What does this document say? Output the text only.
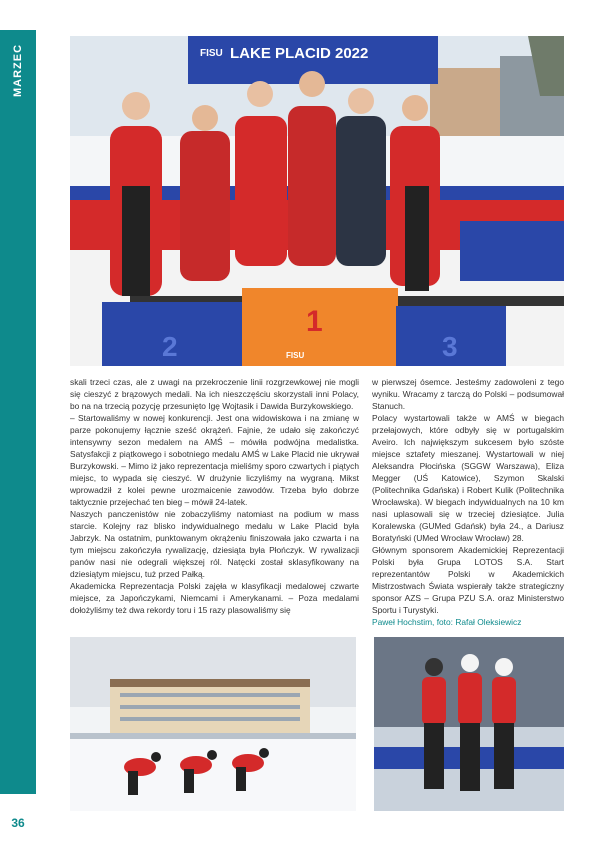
MARZEC
36
FISU LAKE PLACID 2022
2
1
3
FISU

skali trzeci czas, ale z uwagi na przekroczenie linii rozgrzewkowej nie mogli się cieszyć z brązowych medali. Na ich nieszczęściu skorzystali inni Polacy, bo na na trzecią pozycję przesunięto Igę Wojtasik i Dawida Burzykowskiego.

– Startowaliśmy w nowej konkurencji. Jest ona widowiskowa i na zmianę w parze pokonujemy łącznie sześć okrążeń. Fajnie, że udało się zakończyć intensywny sezon medalem na AMŚ – mówiła podwójna medalistka. Satysfakcji z piątkowego i sobotniego medalu AMŚ w Lake Placid nie ukrywał Burzykowski. – Mimo iż jako reprezentacja mieliśmy sporo czwartych i piątych miejsc, to wypada się cieszyć. W drużynie liczyliśmy na wygraną. Mikst wprowadził z kolei pewne urozmaicenie zawodów. Trzeba było dobrze taktycznie przejechać ten bieg – mówił 24-latek.

Naszych panczenistów nie zobaczyliśmy natomiast na podium w mass starcie. Kolejny raz blisko indywidualnego medalu w Lake Placid była Jabrzyk. Na ostatnim, punktowanym okrążeniu finiszowała jako czwarta i na tym miejscu zakończyła rywalizację, dziesiąta była Płończyk. W rywalizacji panów nasi nie odegrali większej ról. Natęcki został sklasyfikowany na dziesiątym miejscu, tuż przed Pałką.

Akademicka Reprezentacja Polski zajęła w klasyfikacji medalowej czwarte miejsce, za Japończykami, Niemcami i Amerykanami. – Poza medalami dołożyliśmy też dwa rekordy toru i 15 razy plasowaliśmy się

w pierwszej ósemce. Jesteśmy zadowoleni z tego wyniku. Wracamy z tarczą do Polski – podsumował Stanuch.

Polacy wystartowali także w AMŚ w biegach przełajowych, które odbyły się w portugalskim Aveiro. Ich największym sukcesem było szóste miejsce sztafety mieszanej. Wystartowali w niej Aleksandra Płocińska (SGGW Warszawa), Eliza Megger (UŚ Katowice), Szymon Skalski (Politechnika Gdańska) i Robert Kulik (Politechnika Wrocławska). W biegach indywidualnych na 10 km nasi uplasowali się w trzeciej dziesiątce. Julia Koralewska (GUMed Gdańsk) była 24., a Dariusz Boratyński (UMed Wrocław Wrocław) 28.

Głównym sponsorem Akademickiej Reprezentacji Polski była Grupa LOTOS S.A. Start reprezentantów Polski w Akademickich Mistrzostwach Świata wspierały także strategiczny sponsor AZS – Grupa PZU S.A. oraz Ministerstwo Sportu i Turystyki.

Paweł Hochstim, foto: Rafał Oleksiewicz
